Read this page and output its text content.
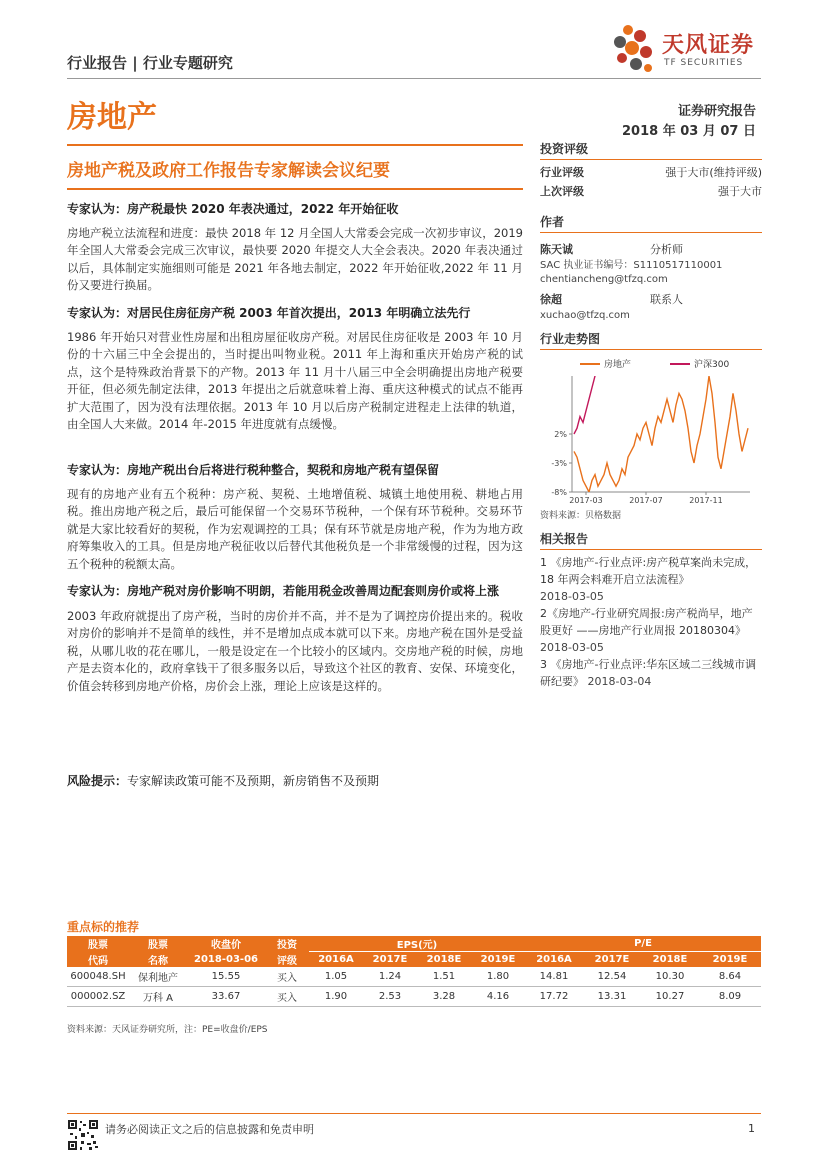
行业报告 | 行业专题研究
天风证券
TF SECURITIES
房地产	证券研究报告
2018 年 03 月 07 日
房地产税及政府工作报告专家解读会议纪要
专家认为：房产税最快 2020 年表决通过，2022 年开始征收
房地产税立法流程和进度：最快 2018 年 12 月全国人大常委会完成一次初步审议，2019 年全国人大常委会完成三次审议，最快要 2020 年提交人大全会表决。2020 年表决通过以后，具体制定实施细则可能是 2021 年各地去制定，2022 年开始征收,2022 年 11 月份又要进行换届。
专家认为：对居民住房征房产税 2003 年首次提出，2013 年明确立法先行
1986 年开始只对营业性房屋和出租房屋征收房产税。对居民住房征收是 2003 年 10 月份的十六届三中全会提出的，当时提出叫物业税。2011 年上海和重庆开始房产税的试点，这个是特殊政治背景下的产物。2013 年 11 月十八届三中全会明确提出房地产税要开征，但必须先制定法律，2013 年提出之后就意味着上海、重庆这种模式的试点不能再扩大范围了，因为没有法理依据。2013 年 10 月以后房产税制定进程走上法律的轨道，由全国人大来做。2014 年-2015 年进度就有点缓慢。
专家认为：房地产税出台后将进行税种整合，契税和房地产税有望保留
现有的房地产业有五个税种：房产税、契税、土地增值税、城镇土地使用税、耕地占用税。推出房地产税之后，最后可能保留一个交易环节税种，一个保有环节税种。交易环节就是大家比较看好的契税，作为宏观调控的工具；保有环节就是房地产税，作为为地方政府筹集收入的工具。但是房地产税征收以后替代其他税负是一个非常缓慢的过程，因为这五个税种的税额太高。
专家认为：房地产税对房价影响不明朗，若能用税金改善周边配套则房价或将上涨
2003 年政府就提出了房产税，当时的房价并不高，并不是为了调控房价提出来的。税收对房价的影响并不是简单的线性，并不是增加点成本就可以下来。房地产税在国外是受益税，从哪儿收的花在哪儿，一般是设定在一个比较小的区域内。交房地产税的时候，房地产是去资本化的，政府拿钱干了很多服务以后，导致这个社区的教育、安保、环境变化，价值会转移到房地产价格，房价会上涨，理论上应该是这样的。
风险提示：专家解读政策可能不及预期，新房销售不及预期
投资评级
行业评级	强于大市(维持评级)
上次评级	强于大市
作者
陈天诚	分析师
SAC 执业证书编号：S1110517110001
chentiancheng@tfzq.com
徐超	联系人
xuchao@tfzq.com
行业走势图
2%
-3%
-8%
2017-03	2017-07	2017-11
房地产	沪深300
资料来源：贝格数据
相关报告
1 《房地产-行业点评:房产税草案尚未完成，18 年两会料难开启立法流程》
2018-03-05
2《房地产-行业研究周报:房产税尚早，地产股更好 ——房地产行业周报 20180304》 2018-03-05
3 《房地产-行业点评:华东区域二三线城市调研纪要》 2018-03-04
重点标的推荐
股票	股票	收盘价	投资	EPS(元)				P/E			
代码	名称	2018-03-06	评级	2016A	2017E	2018E	2019E	2016A	2017E	2018E	2019E
600048.SH	保利地产	15.55	买入	1.05	1.24	1.51	1.80	14.81	12.54	10.30	8.64
000002.SZ	万科 A	33.67	买入	1.90	2.53	3.28	4.16	17.72	13.31	10.27	8.09
资料来源：天风证券研究所，注：PE=收盘价/EPS
请务必阅读正文之后的信息披露和免责申明	1
